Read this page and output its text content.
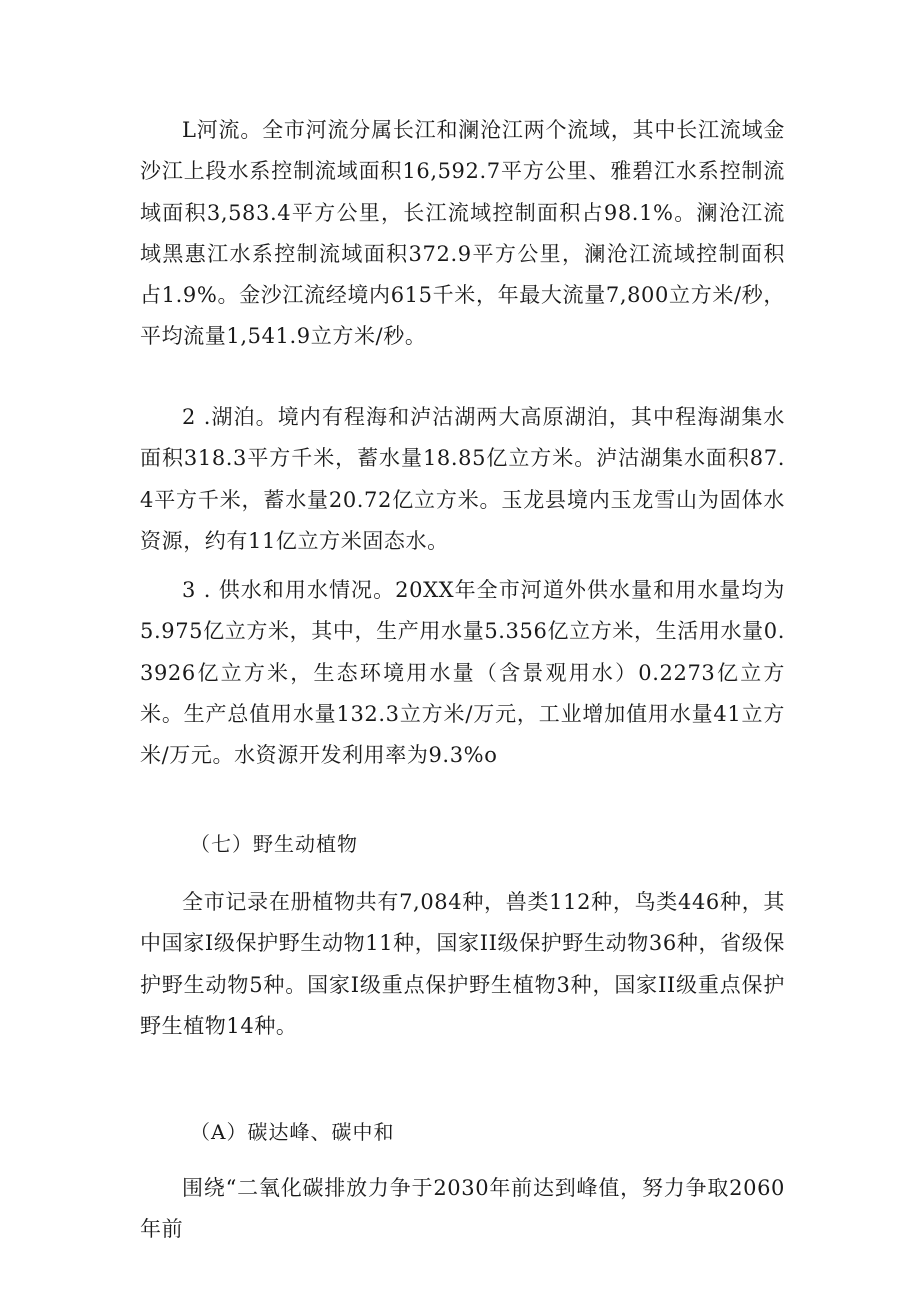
L河流。全市河流分属长江和澜沧江两个流域，其中长江流域金沙江上段水系控制流域面积16,592.7平方公里、雅碧江水系控制流域面积3,583.4平方公里，长江流域控制面积占98.1%。澜沧江流域黑惠江水系控制流域面积372.9平方公里，澜沧江流域控制面积占1.9%。金沙江流经境内615千米，年最大流量7,800立方米/秒，平均流量1,541.9立方米/秒。

2 .湖泊。境内有程海和泸沽湖两大高原湖泊，其中程海湖集水面积318.3平方千米，蓄水量18.85亿立方米。泸沽湖集水面积87.4平方千米，蓄水量20.72亿立方米。玉龙县境内玉龙雪山为固体水资源，约有11亿立方米固态水。

3 . 供水和用水情况。20XX年全市河道外供水量和用水量均为5.975亿立方米，其中，生产用水量5.356亿立方米，生活用水量0.3926亿立方米，生态环境用水量（含景观用水）0.2273亿立方米。生产总值用水量132.3立方米/万元，工业增加值用水量41立方米/万元。水资源开发利用率为9.3%o

（七）野生动植物

全市记录在册植物共有7,084种，兽类112种，鸟类446种，其中国家I级保护野生动物11种，国家II级保护野生动物36种，省级保护野生动物5种。国家I级重点保护野生植物3种，国家II级重点保护野生植物14种。

（A）碳达峰、碳中和

围绕“二氧化碳排放力争于2030年前达到峰值，努力争取2060年前
